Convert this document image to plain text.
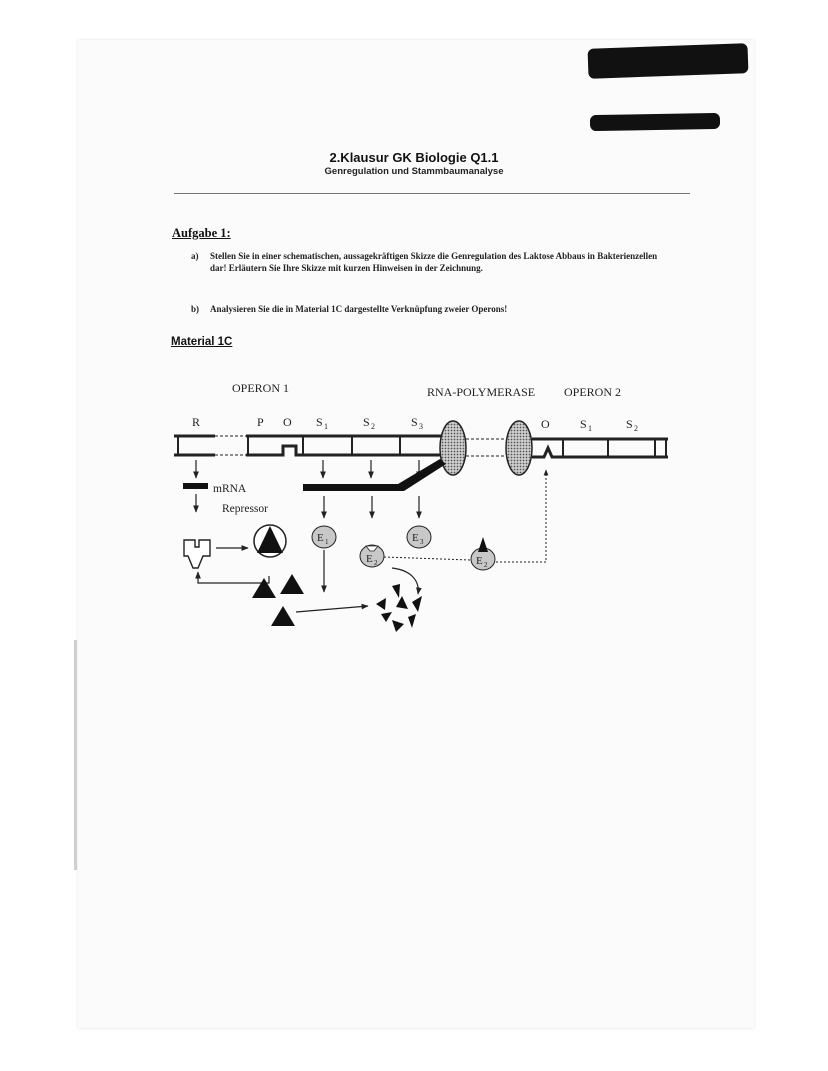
2.Klausur GK Biologie Q1.1
Genregulation und Stammbaumanalyse
Aufgabe 1:
a) Stellen Sie in einer schematischen, aussagekräftigen Skizze die Genregulation des Laktose Abbaus in Bakterienzellen dar! Erläutern Sie Ihre Skizze mit kurzen Hinweisen in der Zeichnung.
b) Analysieren Sie die in Material 1C dargestellte Verknüpfung zweier Operons!
Material 1C
OPERON 1	RNA-POLYMERASE OPERON 2
R	P O S 1	S 2	S 3	O	S 1	S 2
mRNA
Repressor
E 1
E 2
E 3
E 2
